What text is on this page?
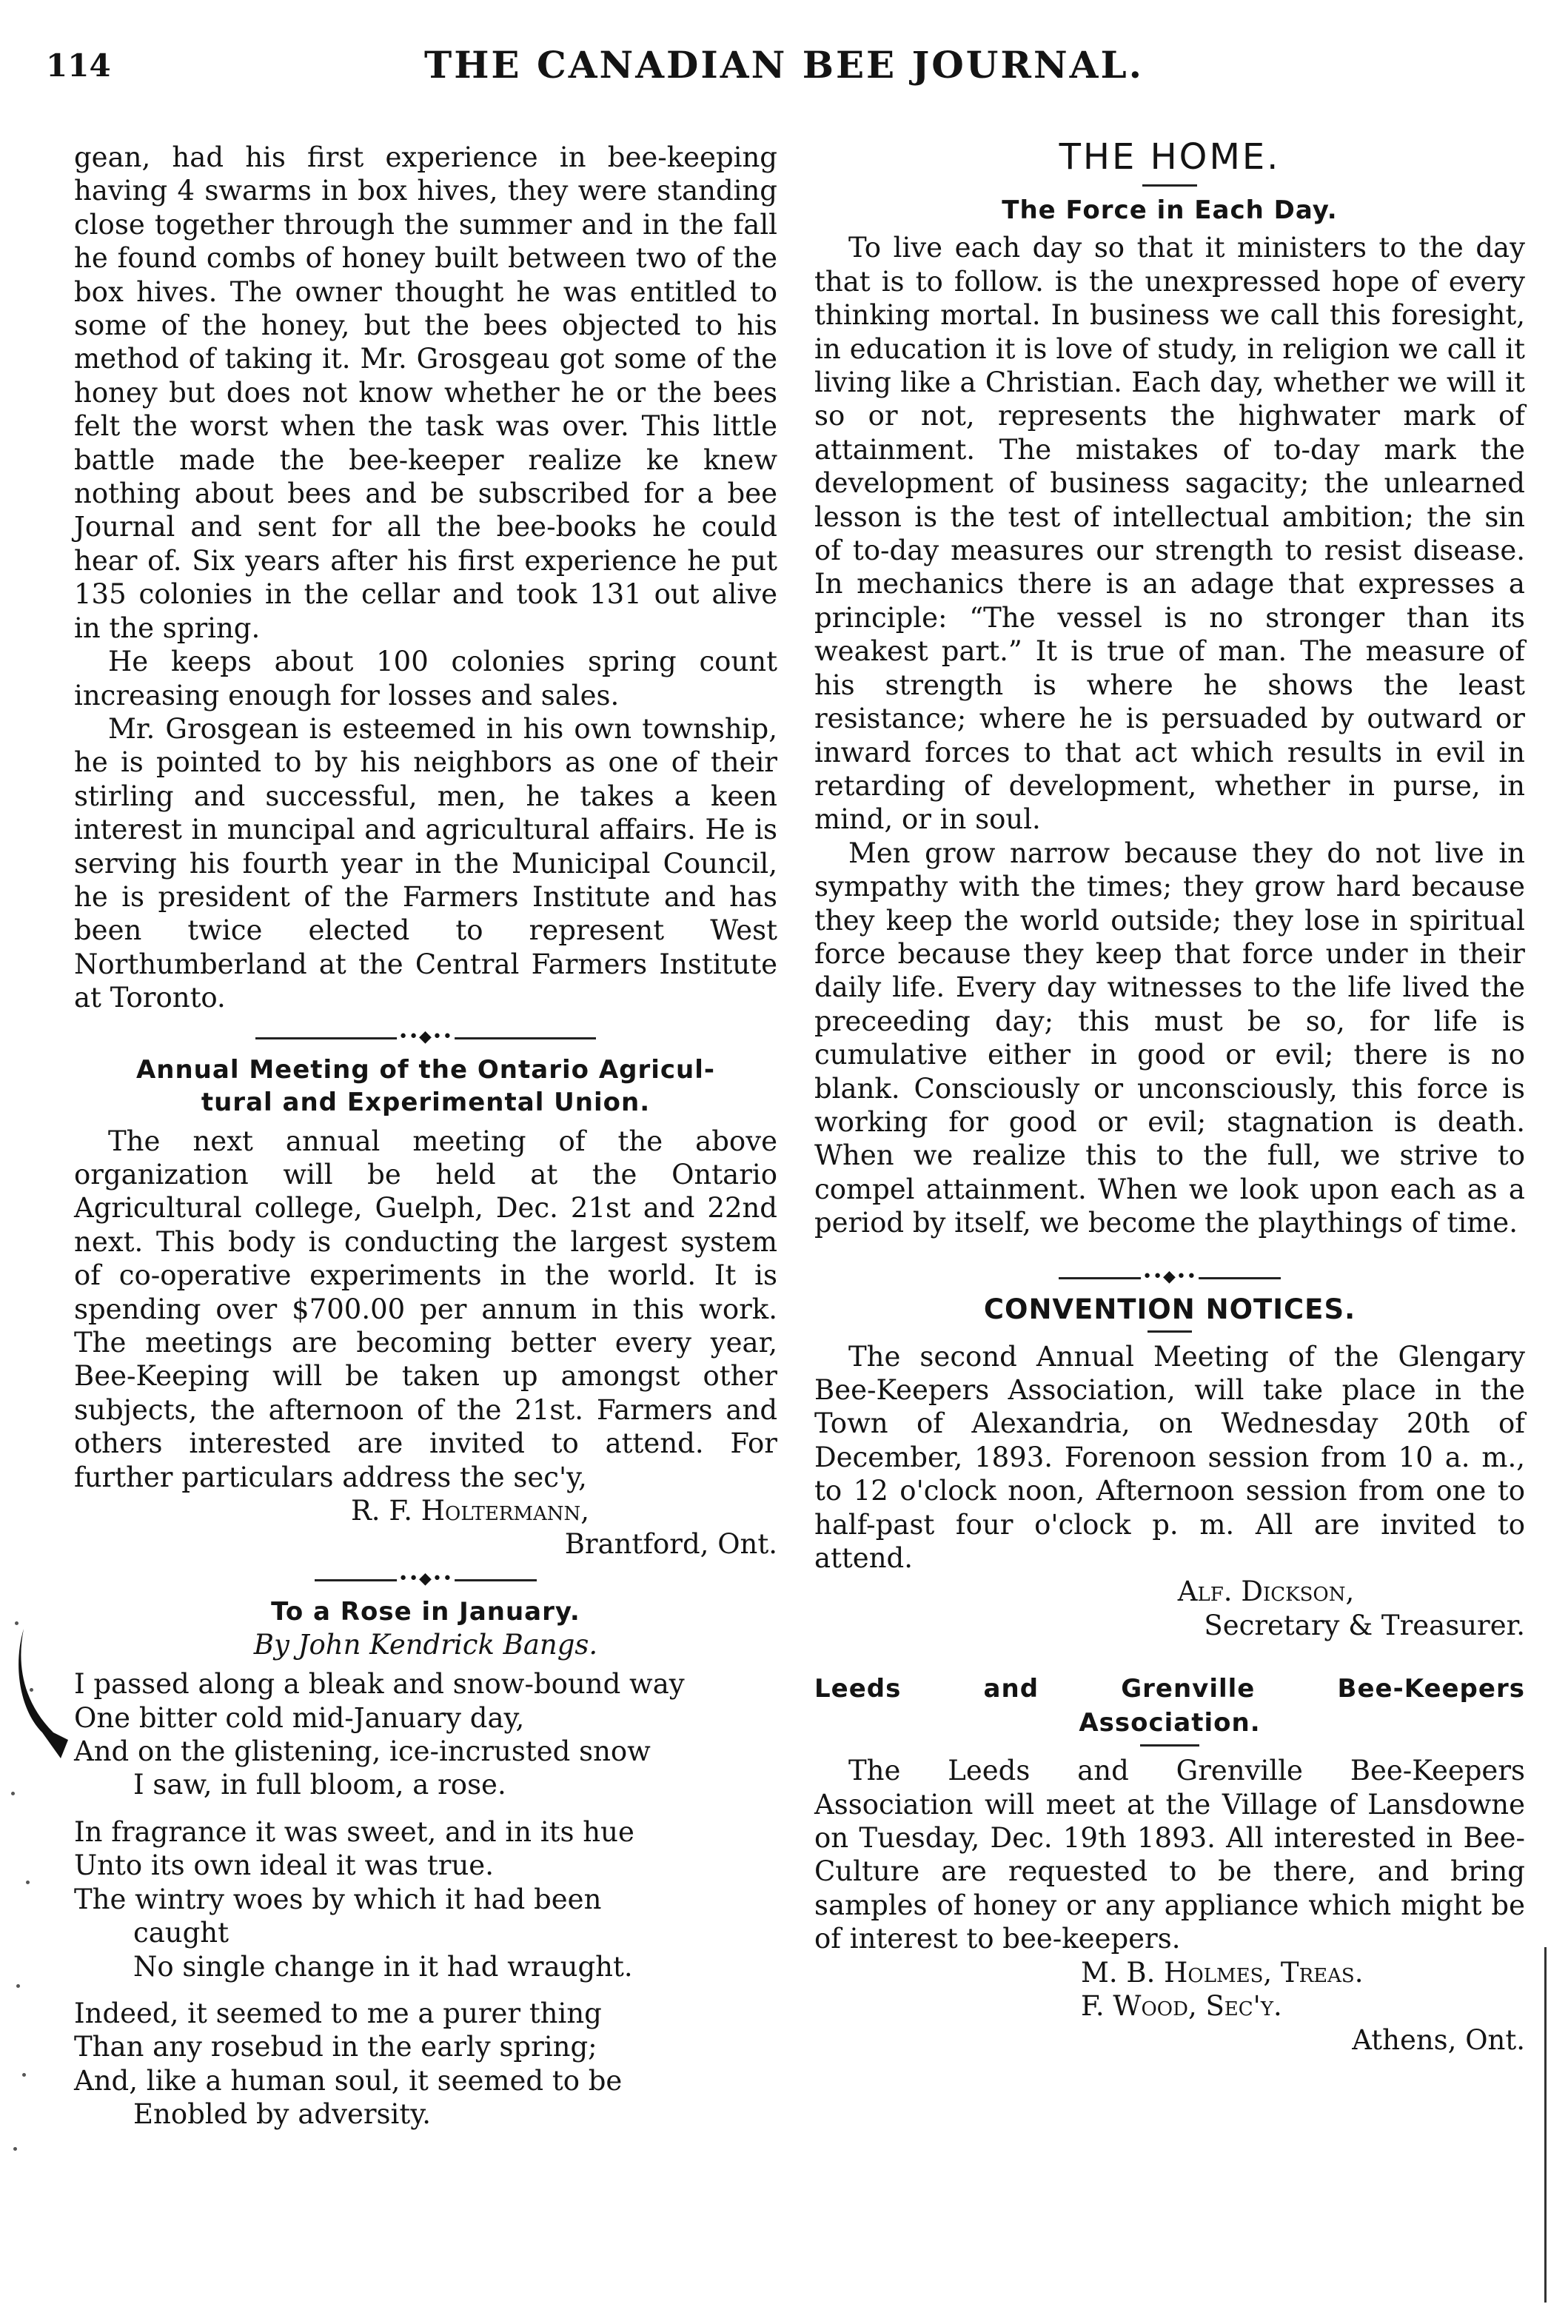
114	THE CANADIAN BEE JOURNAL.

gean, had his first experience in bee-keeping having 4 swarms in box hives, they were standing close together through the summer and in the fall he found combs of honey built between two of the box hives. The owner thought he was entitled to some of the honey, but the bees objected to his method of taking it. Mr. Grosgeau got some of the honey but does not know whether he or the bees felt the worst when the task was over. This little battle made the bee-keeper realize ke knew nothing about bees and be subscribed for a bee Journal and sent for all the bee-books he could hear of. Six years after his first experience he put 135 colonies in the cellar and took 131 out alive in the spring.

He keeps about 100 colonies spring count increasing enough for losses and sales.

Mr. Grosgean is esteemed in his own township, he is pointed to by his neighbors as one of their stirling and successful, men, he takes a keen interest in muncipal and agricultural affairs. He is serving his fourth year in the Municipal Council, he is president of the Farmers Institute and has been twice elected to represent West Northumberland at the Central Farmers Institute at Toronto.

••◆••
Annual Meeting of the Ontario Agricul-
tural and Experimental Union.

The next annual meeting of the above organization will be held at the Ontario Agricultural college, Guelph, Dec. 21st and 22nd next. This body is conducting the largest system of co-operative experiments in the world. It is spending over $700.00 per annum in this work. The meetings are becoming better every year, Bee-Keeping will be taken up amongst other subjects, the afternoon of the 21st. Farmers and others interested are invited to attend. For further particulars address the sec'y,

R. F. Holtermann,
Brantford, Ont.
••◆••
To a Rose in January.
By John Kendrick Bangs.
I passed along a bleak and snow-bound way
One bitter cold mid-January day,
And on the glistening, ice-incrusted snow
I saw, in full bloom, a rose.
In fragrance it was sweet, and in its hue
Unto its own ideal it was true.
The wintry woes by which it had been
caught
No single change in it had wraught.
Indeed, it seemed to me a purer thing
Than any rosebud in the early spring;
And, like a human soul, it seemed to be
Enobled by adversity.
THE HOME.
The Force in Each Day.

To live each day so that it ministers to the day that is to follow. is the unexpressed hope of every thinking mortal. In business we call this foresight, in education it is love of study, in religion we call it living like a Christian. Each day, whether we will it so or not, represents the highwater mark of attainment. The mistakes of to-day mark the development of business sagacity; the unlearned lesson is the test of intellectual ambition; the sin of to-day measures our strength to resist disease. In mechanics there is an adage that expresses a principle: “The vessel is no stronger than its weakest part.” It is true of man. The measure of his strength is where he shows the least resistance; where he is persuaded by outward or inward forces to that act which results in evil in retarding of development, whether in purse, in mind, or in soul.

Men grow narrow because they do not live in sympathy with the times; they grow hard because they keep the world outside; they lose in spiritual force because they keep that force under in their daily life. Every day witnesses to the life lived the preceeding day; this must be so, for life is cumulative either in good or evil; there is no blank. Consciously or unconsciously, this force is working for good or evil; stagnation is death. When we realize this to the full, we strive to compel attainment. When we look upon each as a period by itself, we become the playthings of time.

••◆••
CONVENTION NOTICES.

The second Annual Meeting of the Glengary Bee-Keepers Association, will take place in the Town of Alexandria, on Wednesday 20th of December, 1893. Forenoon session from 10 a. m., to 12 o'clock noon, Afternoon session from one to half-past four o'clock p. m. All are invited to attend.

Alf. Dickson,
Secretary & Treasurer.
Leeds	and	Grenville	Bee-Keepers
Association.

The Leeds and Grenville Bee-Keepers Association will meet at the Village of Lansdowne on Tuesday, Dec. 19th 1893. All interested in Bee-Culture are requested to be there, and bring samples of honey or any appliance which might be of interest to bee-keepers.

M. B. Holmes, Treas.
F. Wood, Sec'y.
Athens, Ont.
